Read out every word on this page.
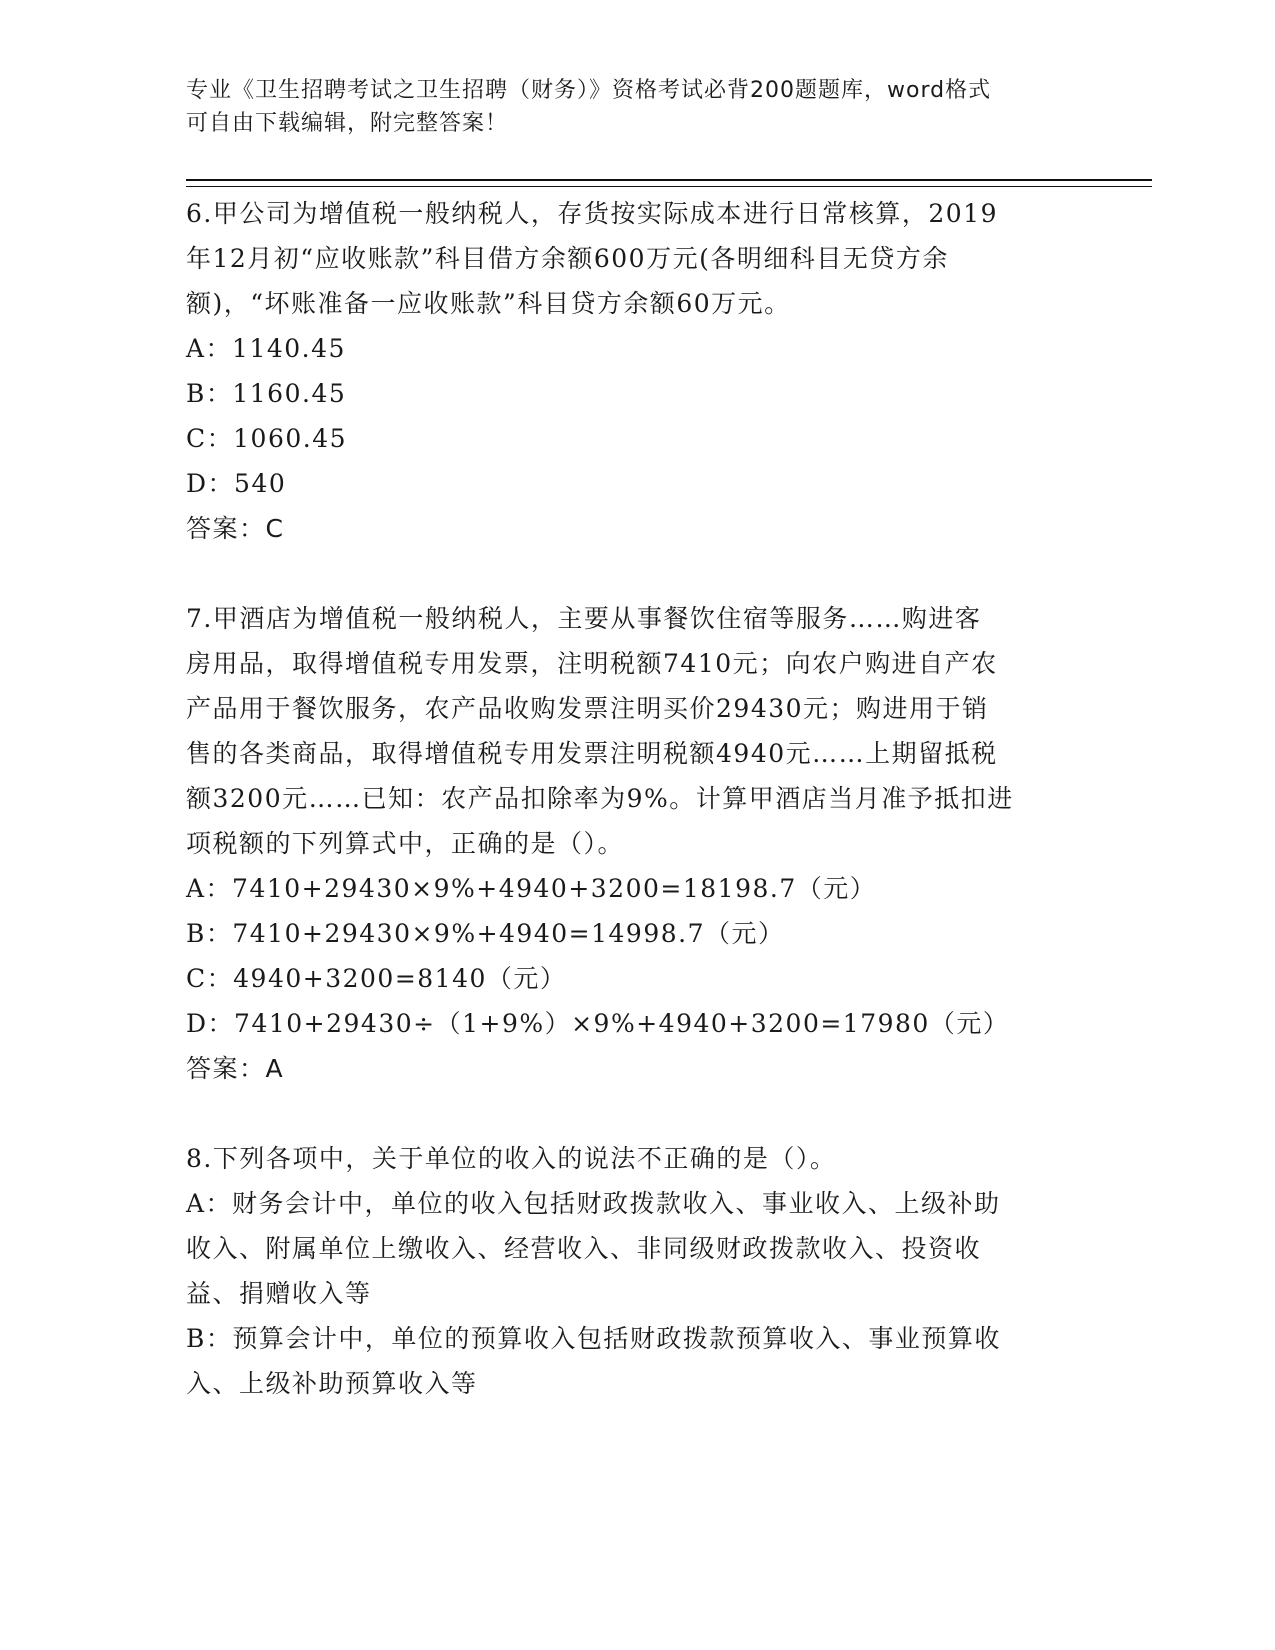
专业《卫生招聘考试之卫生招聘（财务）》资格考试必背200题题库，word格式
可自由下载编辑，附完整答案！
6.甲公司为增值税一般纳税人，存货按实际成本进行日常核算，2019
年12月初“应收账款”科目借方余额600万元(各明细科目无贷方余
额)，“坏账准备一应收账款”科目贷方余额60万元。
A：1140.45
B：1160.45
C：1060.45
D：540
答案：C
7.甲酒店为增值税一般纳税人，主要从事餐饮住宿等服务……购进客
房用品，取得增值税专用发票，注明税额7410元；向农户购进自产农
产品用于餐饮服务，农产品收购发票注明买价29430元；购进用于销
售的各类商品，取得增值税专用发票注明税额4940元……上期留抵税
额3200元……已知：农产品扣除率为9%。计算甲酒店当月准予抵扣进
项税额的下列算式中，正确的是（）。
A：7410+29430×9%+4940+3200=18198.7（元）
B：7410+29430×9%+4940=14998.7（元）
C：4940+3200=8140（元）
D：7410+29430÷（1+9%）×9%+4940+3200=17980（元）
答案：A
8.下列各项中，关于单位的收入的说法不正确的是（）。
A：财务会计中，单位的收入包括财政拨款收入、事业收入、上级补助
收入、附属单位上缴收入、经营收入、非同级财政拨款收入、投资收
益、捐赠收入等
B：预算会计中，单位的预算收入包括财政拨款预算收入、事业预算收
入、上级补助预算收入等
